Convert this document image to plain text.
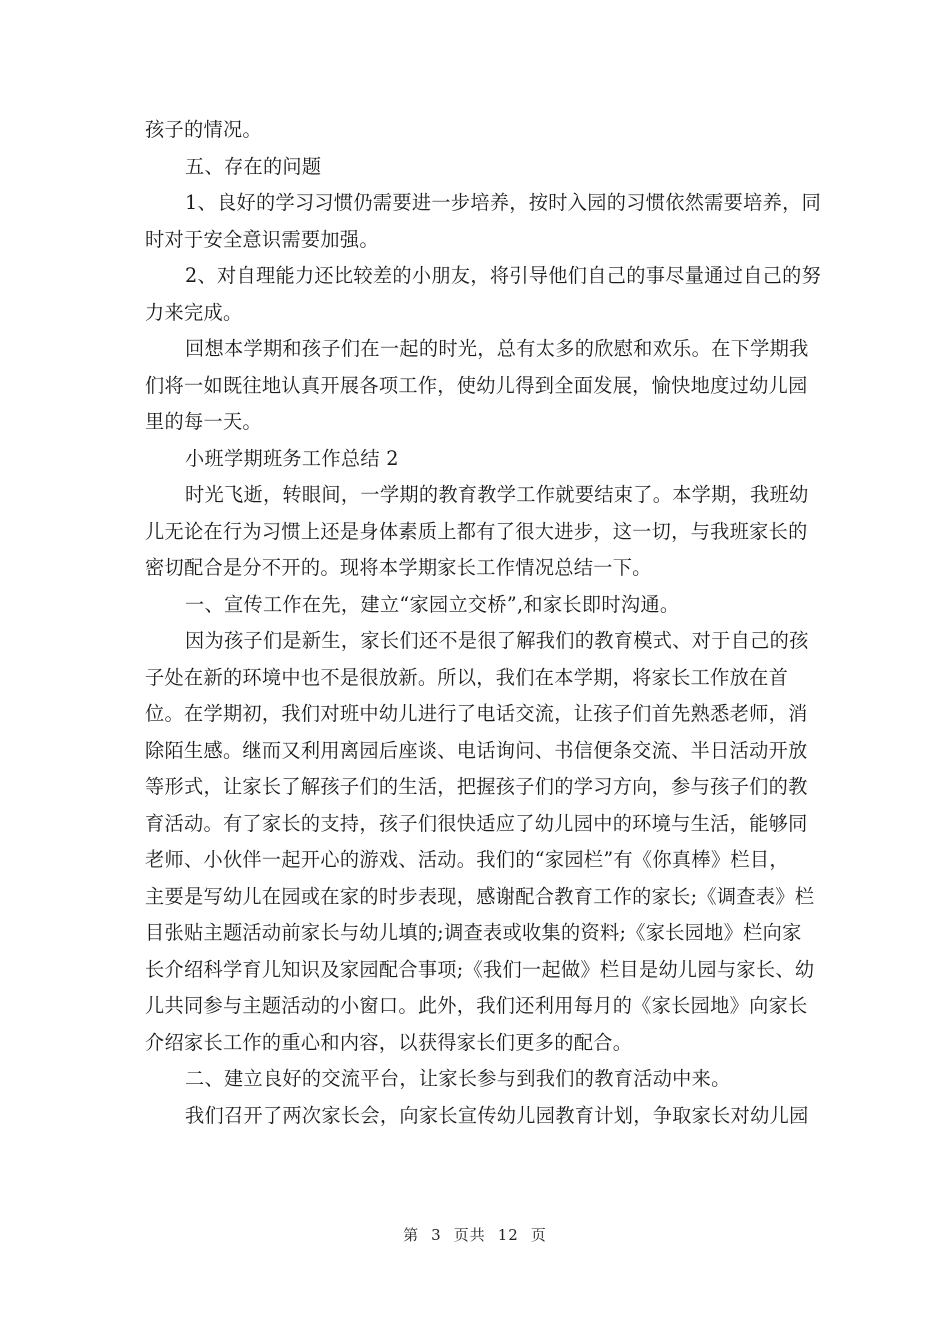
孩子的情况。
五、存在的问题
1、良好的学习习惯仍需要进一步培养，按时入园的习惯依然需要培养，同
时对于安全意识需要加强。
2、对自理能力还比较差的小朋友，将引导他们自己的事尽量通过自己的努
力来完成。
回想本学期和孩子们在一起的时光，总有太多的欣慰和欢乐。在下学期我
们将一如既往地认真开展各项工作，使幼儿得到全面发展，愉快地度过幼儿园
里的每一天。
小班学期班务工作总结 2
时光飞逝，转眼间，一学期的教育教学工作就要结束了。本学期，我班幼
儿无论在行为习惯上还是身体素质上都有了很大进步，这一切，与我班家长的
密切配合是分不开的。现将本学期家长工作情况总结一下。
一、宣传工作在先，建立“家园立交桥”,和家长即时沟通。
因为孩子们是新生，家长们还不是很了解我们的教育模式、对于自己的孩
子处在新的环境中也不是很放新。所以，我们在本学期，将家长工作放在首
位。在学期初，我们对班中幼儿进行了电话交流，让孩子们首先熟悉老师，消
除陌生感。继而又利用离园后座谈、电话询问、书信便条交流、半日活动开放
等形式，让家长了解孩子们的生活，把握孩子们的学习方向，参与孩子们的教
育活动。有了家长的支持，孩子们很快适应了幼儿园中的环境与生活，能够同
老师、小伙伴一起开心的游戏、活动。我们的“家园栏”有《你真棒》栏目，
主要是写幼儿在园或在家的时步表现，感谢配合教育工作的家长;《调查表》栏
目张贴主题活动前家长与幼儿填的;调查表或收集的资料;《家长园地》栏向家
长介绍科学育儿知识及家园配合事项;《我们一起做》栏目是幼儿园与家长、幼
儿共同参与主题活动的小窗口。此外，我们还利用每月的《家长园地》向家长
介绍家长工作的重心和内容，以获得家长们更多的配合。
二、建立良好的交流平台，让家长参与到我们的教育活动中来。
我们召开了两次家长会，向家长宣传幼儿园教育计划，争取家长对幼儿园
第 3 页共 12 页
